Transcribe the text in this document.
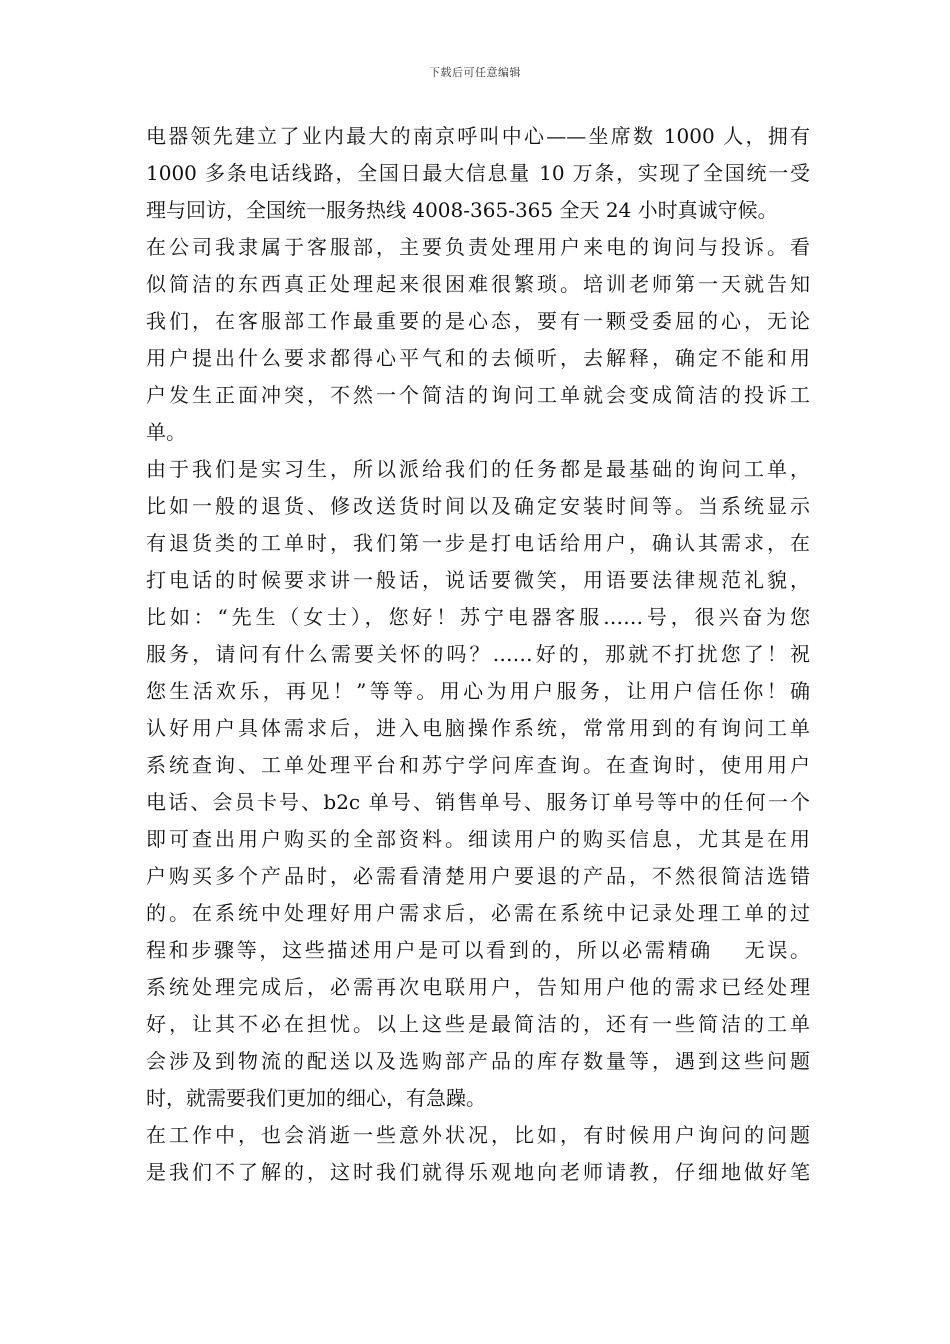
下载后可任意编辑
电器领先建立了业内最大的南京呼叫中心——坐席数 1000 人，拥有
1000 多条电话线路，全国日最大信息量 10 万条，实现了全国统一受
理与回访，全国统一服务热线 4008-365-365 全天 24 小时真诚守候。
在公司我隶属于客服部，主要负责处理用户来电的询问与投诉。看
似简洁的东西真正处理起来很困难很繁琐。培训老师第一天就告知
我们，在客服部工作最重要的是心态，要有一颗受委屈的心，无论
用户提出什么要求都得心平气和的去倾听，去解释，确定不能和用
户发生正面冲突，不然一个简洁的询问工单就会变成简洁的投诉工
单。
由于我们是实习生，所以派给我们的任务都是最基础的询问工单，
比如一般的退货、修改送货时间以及确定安装时间等。当系统显示
有退货类的工单时，我们第一步是打电话给用户，确认其需求，在
打电话的时候要求讲一般话，说话要微笑，用语要法律规范礼貌，
比如：“先生（女士），您好！苏宁电器客服……号，很兴奋为您
服务，请问有什么需要关怀的吗？……好的，那就不打扰您了！祝
您生活欢乐，再见！”等等。用心为用户服务，让用户信任你！确
认好用户具体需求后，进入电脑操作系统，常常用到的有询问工单
系统查询、工单处理平台和苏宁学问库查询。在查询时，使用用户
电话、会员卡号、b2c 单号、销售单号、服务订单号等中的任何一个
即可查出用户购买的全部资料。细读用户的购买信息，尤其是在用
户购买多个产品时，必需看清楚用户要退的产品，不然很简洁选错
的。在系统中处理好用户需求后，必需在系统中记录处理工单的过
程和步骤等，这些描述用户是可以看到的，所以必需精确　 无误。
系统处理完成后，必需再次电联用户，告知用户他的需求已经处理
好，让其不必在担忧。以上这些是最简洁的，还有一些简洁的工单
会涉及到物流的配送以及选购部产品的库存数量等，遇到这些问题
时，就需要我们更加的细心，有急躁。
在工作中，也会消逝一些意外状况，比如，有时候用户询问的问题
是我们不了解的，这时我们就得乐观地向老师请教，仔细地做好笔
